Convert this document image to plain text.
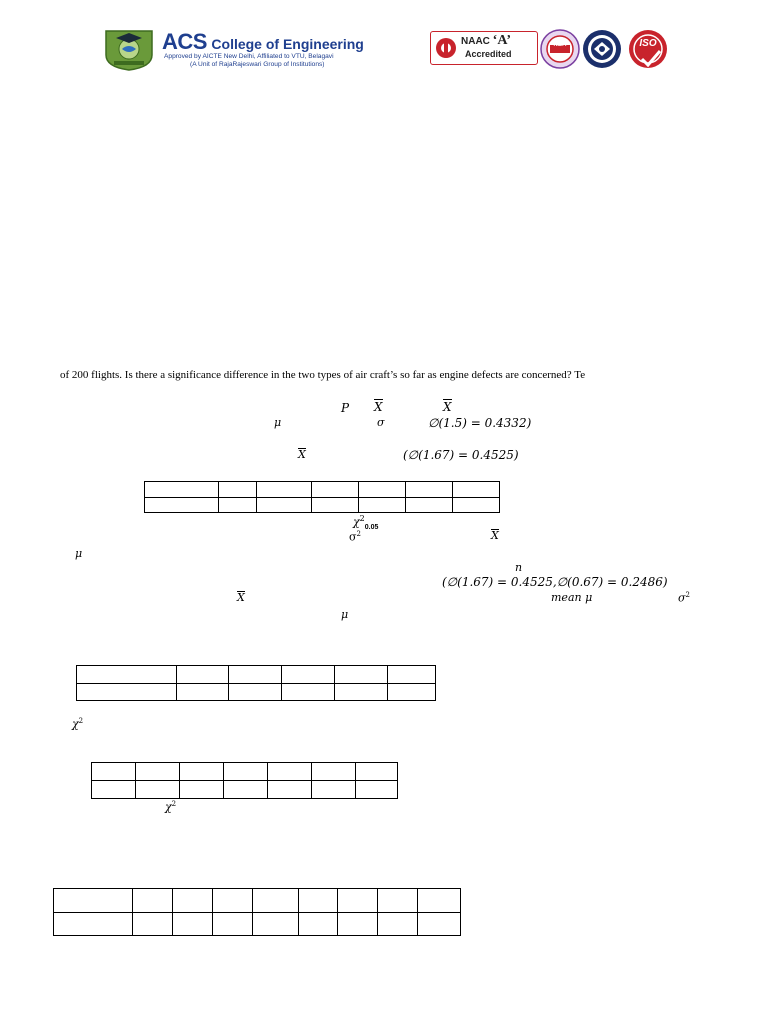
ACS College of Engineering
Approved by AICTE New Delhi, Affiliated to VTU, Belagavi
(A Unit of RajaRajeswari Group of Institutions)
NAAC ‘A’
Accredited
NBA	ISO
of 200 flights. Is there a significance difference in the two types of air craft’s so far as engine defects are concerned? Te
P X	X
μ	σ	∅(1.5) = 0.4332)
X	(∅(1.67) = 0.4525)

$\chi^2_{0.05}$
$\sigma^2$	X
μ
n
(∅(1.67) = 0.4525,∅(0.67) = 0.2486)
X	mean μ	$\sigma^2$
μ

$\chi^2$

$\chi^2$
